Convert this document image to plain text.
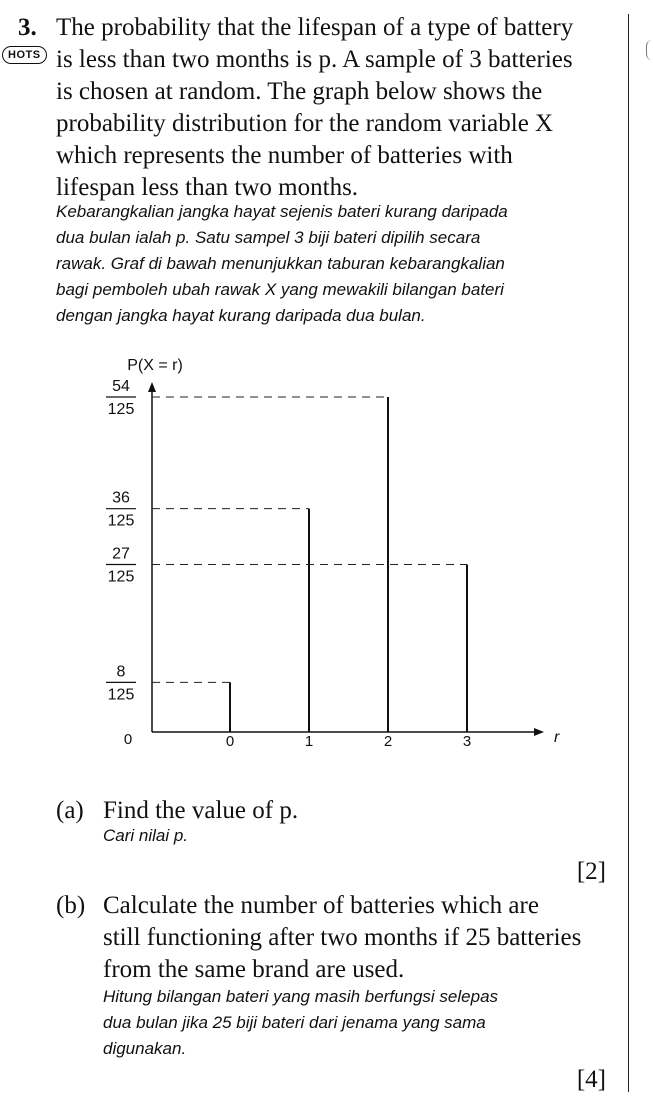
3.
HOTS
The probability that the lifespan of a type of battery
is less than two months is p. A sample of 3 batteries
is chosen at random. The graph below shows the
probability distribution for the random variable X
which represents the number of batteries with
lifespan less than two months.
Kebarangkalian jangka hayat sejenis bateri kurang daripada
dua bulan ialah p. Satu sampel 3 biji bateri dipilih secara
rawak. Graf di bawah menunjukkan taburan kebarangkalian
bagi pemboleh ubah rawak X yang mewakili bilangan bateri
dengan jangka hayat kurang daripada dua bulan.
P(X = r)
r
0	0
8
125
1
36
125
2
54
125
3
27
125
(a) Find the value of p.
Cari nilai p.
[2]
(b) Calculate the number of batteries which are
still functioning after two months if 25 batteries
from the same brand are used.
Hitung bilangan bateri yang masih berfungsi selepas
dua bulan jika 25 biji bateri dari jenama yang sama
digunakan.
[4]
